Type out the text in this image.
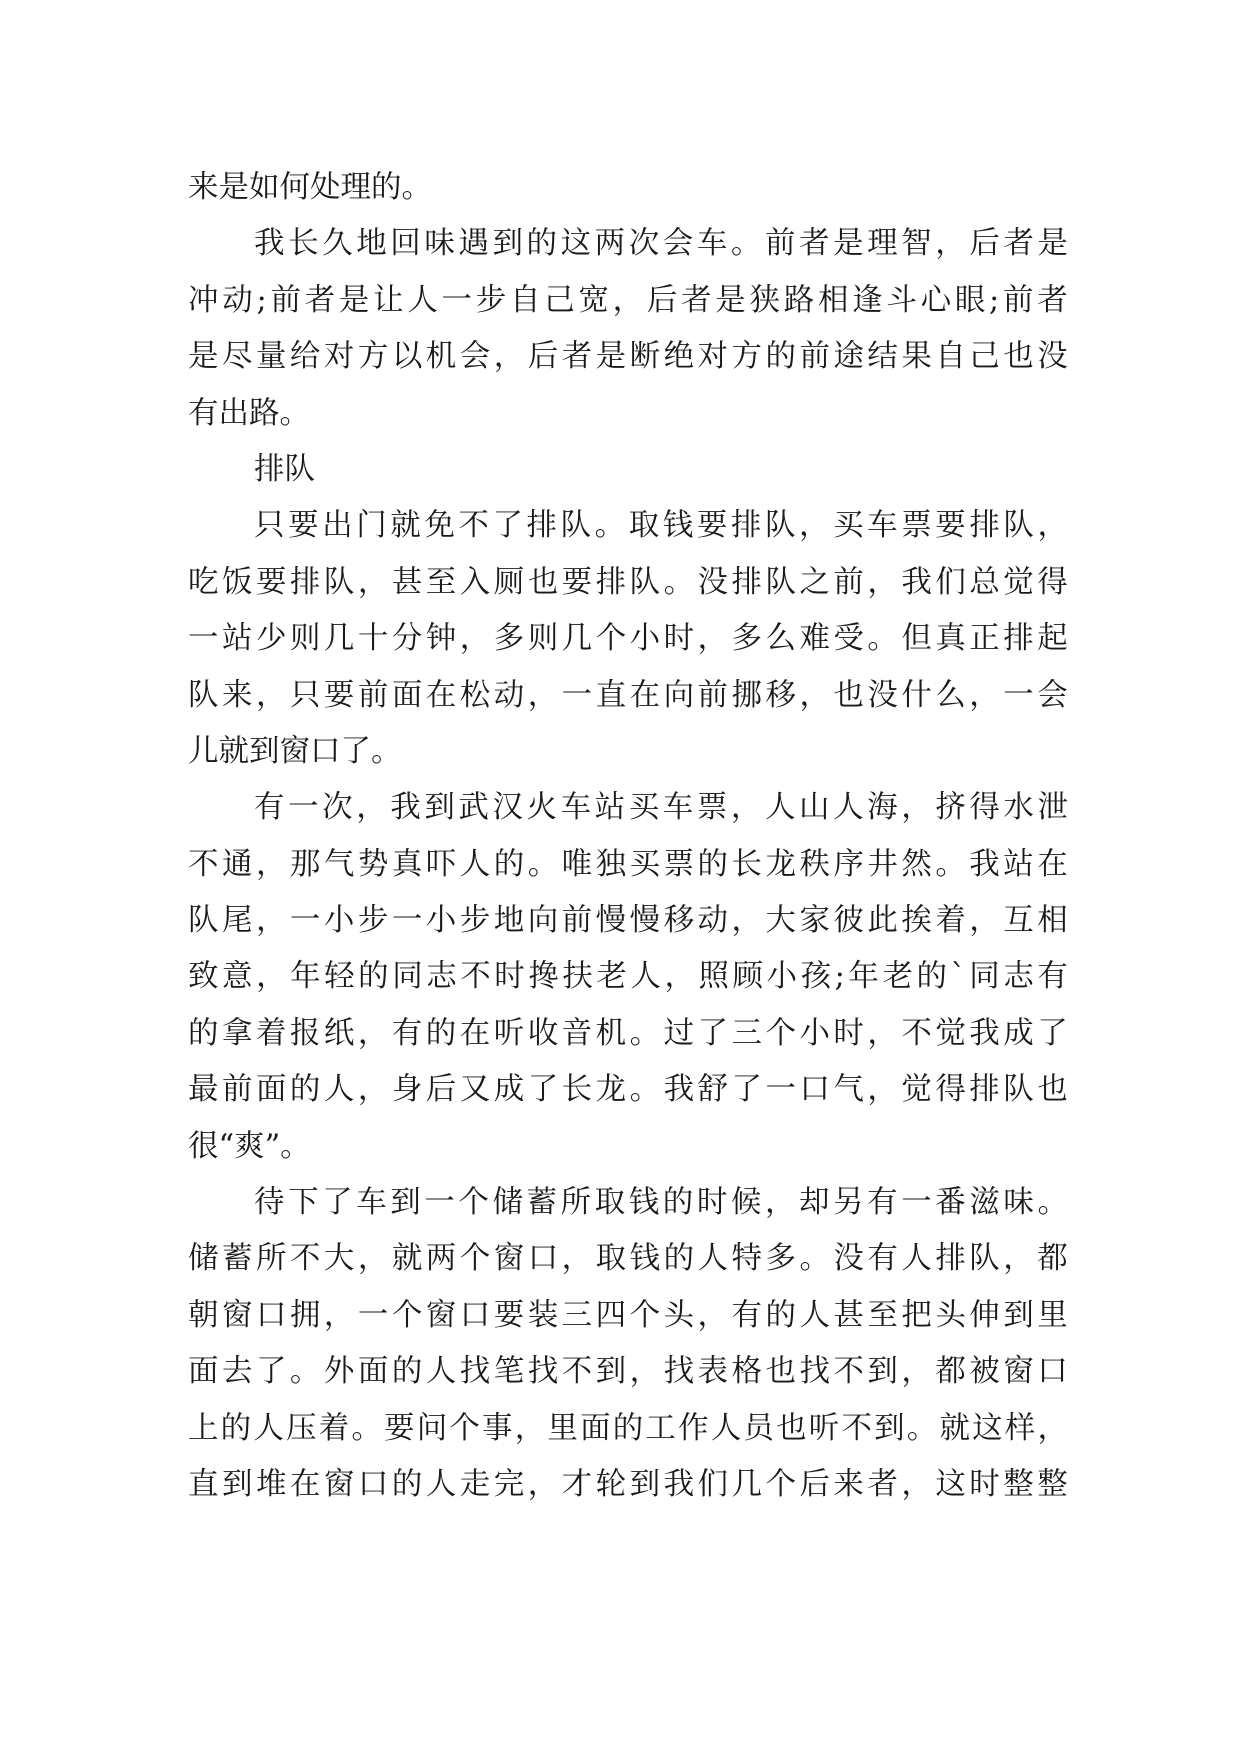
来是如何处理的。
我 长 久 地 回 味 遇 到 的 这 两 次 会 车 。 前 者 是 理 智 ， 后 者 是
冲 动 ; 前 者 是 让 人 一 步 自 己 宽 ， 后 者 是 狭 路 相 逢 斗 心 眼 ; 前 者
是 尽 量 给 对 方 以 机 会 ， 后 者 是 断 绝 对 方 的 前 途 结 果 自 己 也 没
有出路。
排队
只 要 出 门 就 免 不 了 排 队 。 取 钱 要 排 队 ， 买 车 票 要 排 队 ，
吃 饭 要 排 队 ， 甚 至 入 厕 也 要 排 队 。 没 排 队 之 前 ， 我 们 总 觉 得
一 站 少 则 几 十 分 钟 ， 多 则 几 个 小 时 ， 多 么 难 受 。 但 真 正 排 起
队 来 ， 只 要 前 面 在 松 动 ， 一 直 在 向 前 挪 移 ， 也 没 什 么 ， 一 会
儿就到窗口了。
有 一 次 ， 我 到 武 汉 火 车 站 买 车 票 ， 人 山 人 海 ， 挤 得 水 泄
不 通 ， 那 气 势 真 吓 人 的 。 唯 独 买 票 的 长 龙 秩 序 井 然 。 我 站 在
队 尾 ， 一 小 步 一 小 步 地 向 前 慢 慢 移 动 ， 大 家 彼 此 挨 着 ， 互 相
致 意 ， 年 轻 的 同 志 不 时 搀 扶 老 人 ， 照 顾 小 孩 ; 年 老 的 ` 同 志 有
的 拿 着 报 纸 ， 有 的 在 听 收 音 机 。 过 了 三 个 小 时 ， 不 觉 我 成 了
最 前 面 的 人 ， 身 后 又 成 了 长 龙 。 我 舒 了 一 口 气 ， 觉 得 排 队 也
很“爽”。
待 下 了 车 到 一 个 储 蓄 所 取 钱 的 时 候 ， 却 另 有 一 番 滋 味 。
储 蓄 所 不 大 ， 就 两 个 窗 口 ， 取 钱 的 人 特 多 。 没 有 人 排 队 ， 都
朝 窗 口 拥 ， 一 个 窗 口 要 装 三 四 个 头 ， 有 的 人 甚 至 把 头 伸 到 里
面 去 了 。 外 面 的 人 找 笔 找 不 到 ， 找 表 格 也 找 不 到 ， 都 被 窗 口
上 的 人 压 着 。 要 问 个 事 ， 里 面 的 工 作 人 员 也 听 不 到 。 就 这 样 ，
直 到 堆 在 窗 口 的 人 走 完 ， 才 轮 到 我 们 几 个 后 来 者 ， 这 时 整 整
